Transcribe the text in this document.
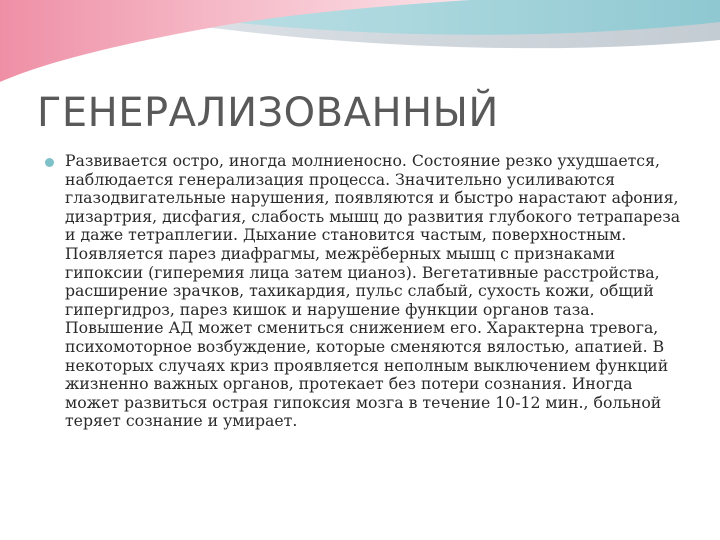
ГЕНЕРАЛИЗОВАННЫЙ
Развивается остро, иногда молниеносно. Состояние резко ухудшается, наблюдается генерализация процесса. Значительно усиливаются глазодвигательные нарушения, появляются и быстро нарастают афония, дизартрия, дисфагия, слабость мышц до развития глубокого тетрапареза и даже тетраплегии. Дыхание становится частым, поверхностным. Появляется парез диафрагмы, межрёберных мышц с признаками гипоксии (гиперемия лица затем цианоз). Вегетативные расстройства, расширение зрачков, тахикардия, пульс слабый, сухость кожи, общий гипергидроз, парез кишок и нарушение функции органов таза. Повышение АД может смениться снижением его. Характерна тревога, психомоторное возбуждение, которые сменяются вялостью, апатией. В некоторых случаях криз проявляется неполным выключением функций жизненно важных органов, протекает без потери сознания. Иногда может развиться острая гипоксия мозга в течение 10-12 мин., больной теряет сознание и умирает.
